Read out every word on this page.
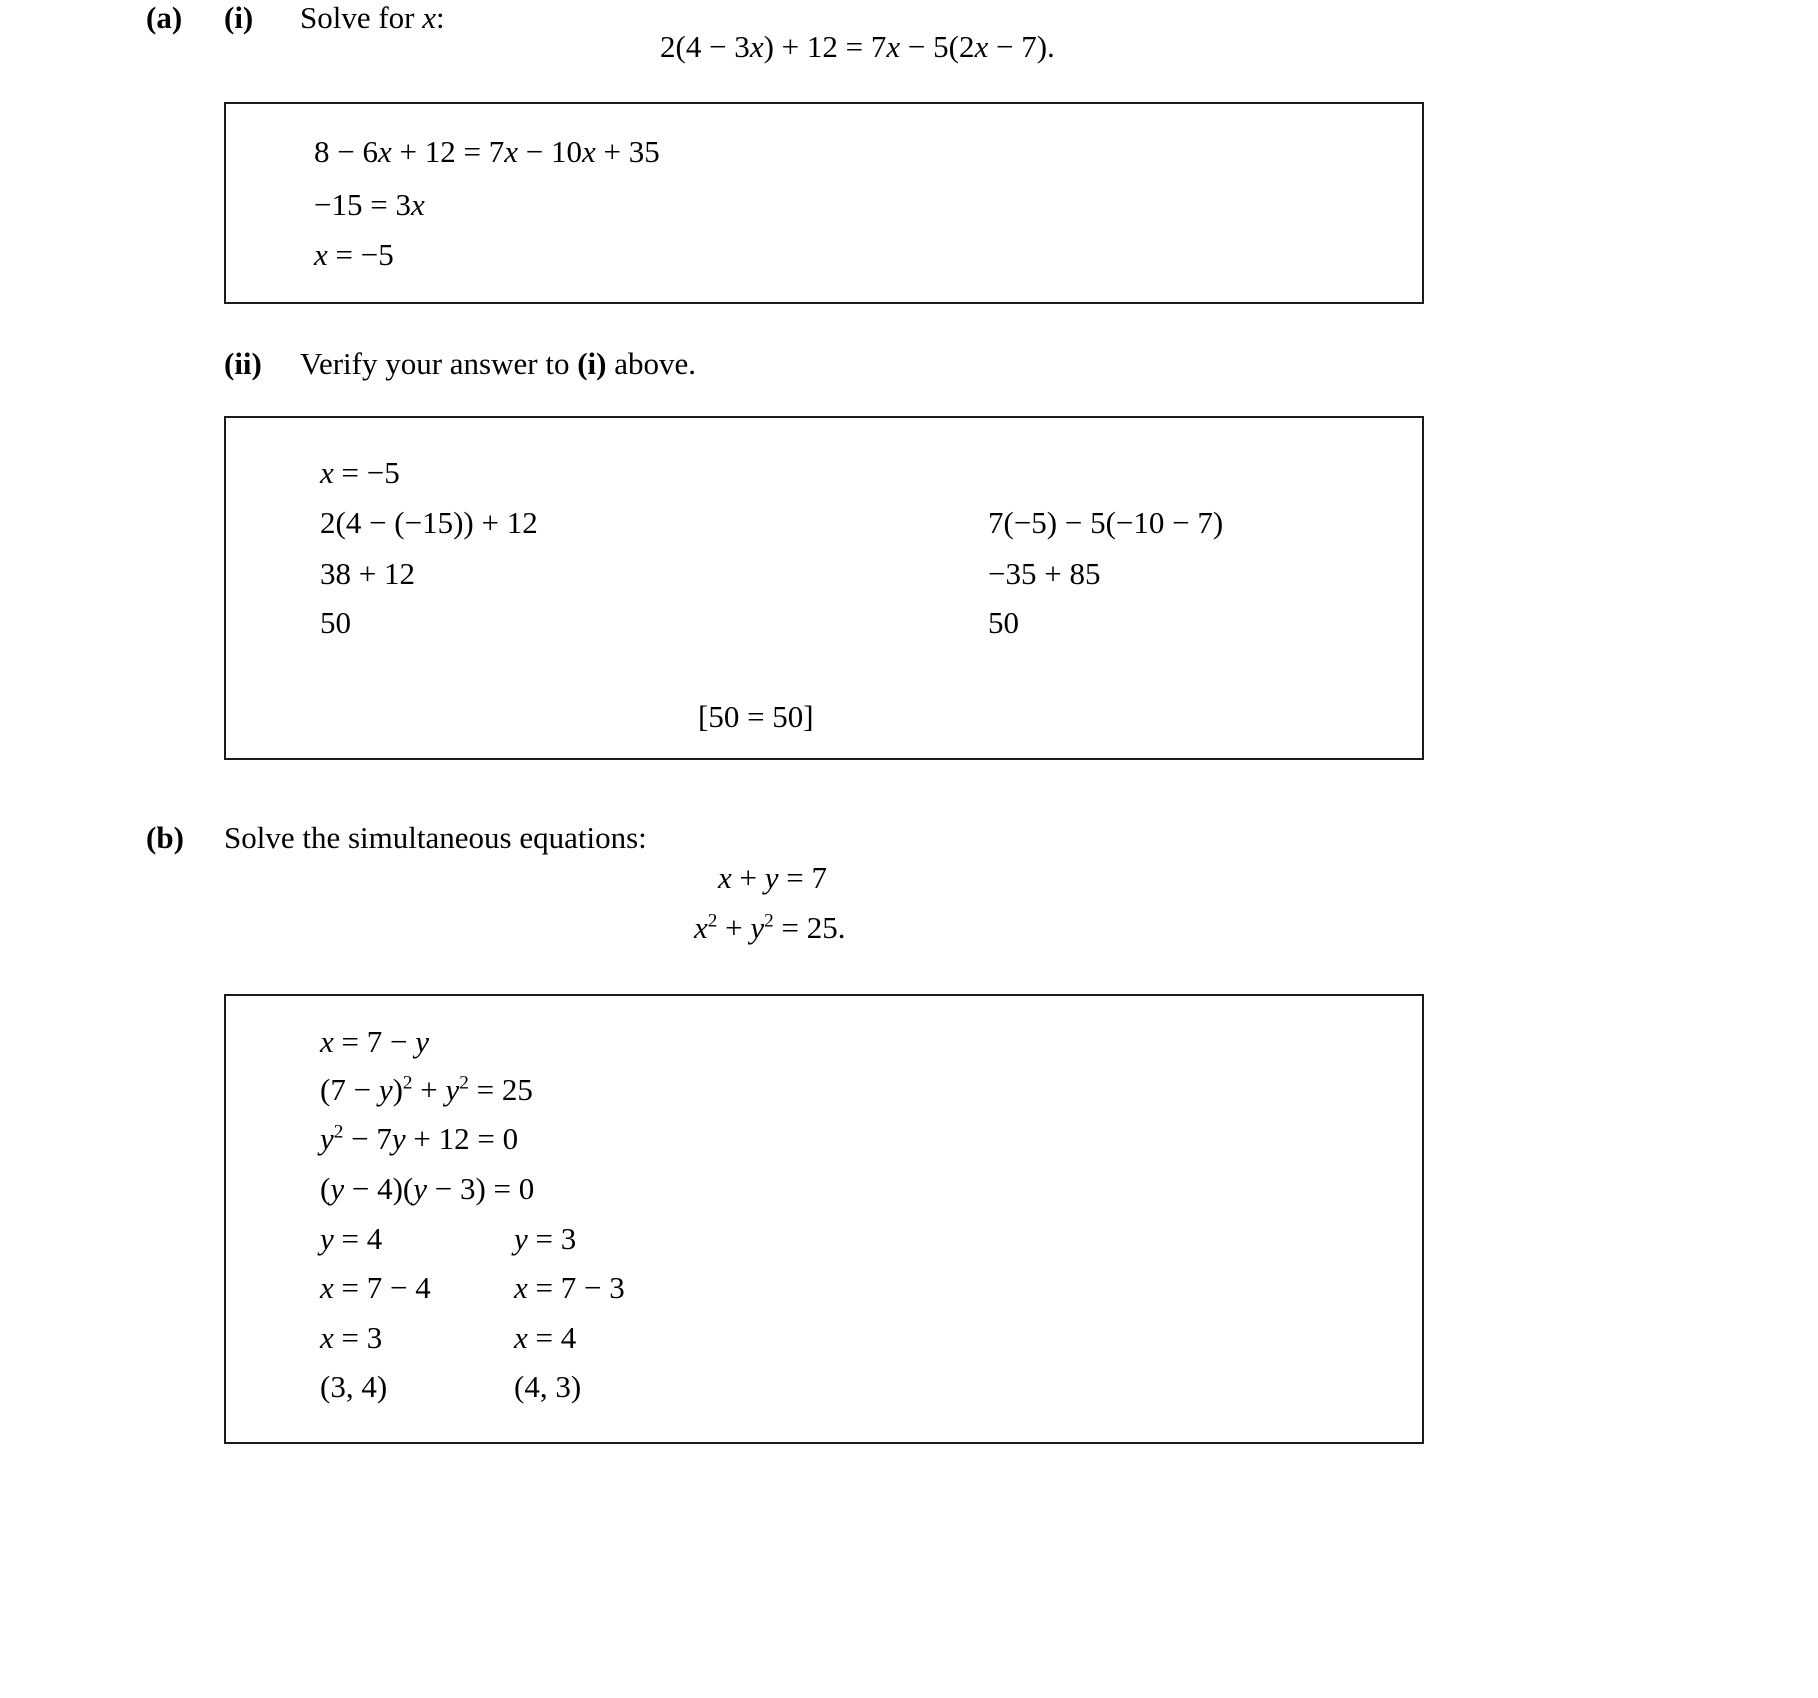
(a) (i) Solve for x:
2(4 − 3x) + 12 = 7x − 5(2x − 7).
8 − 6x + 12 = 7x − 10x + 35
−15 = 3x
x = −5
(ii) Verify your answer to (i) above.
x = −5
2(4 − (−15)) + 12
38 + 12
50
7(−5) − 5(−10 − 7)
−35 + 85
50
[50 = 50]
(b) Solve the simultaneous equations:
x + y = 7
$x^2 + y^2 = 25$.
x = 7 − y
$(7 - y)^2 + y^2 = 25$
$y^2 - 7y + 12 = 0$
(y − 4)(y − 3) = 0
y = 4
x = 7 − 4
x = 3
(3, 4)
y = 3
x = 7 − 3
x = 4
(4, 3)
